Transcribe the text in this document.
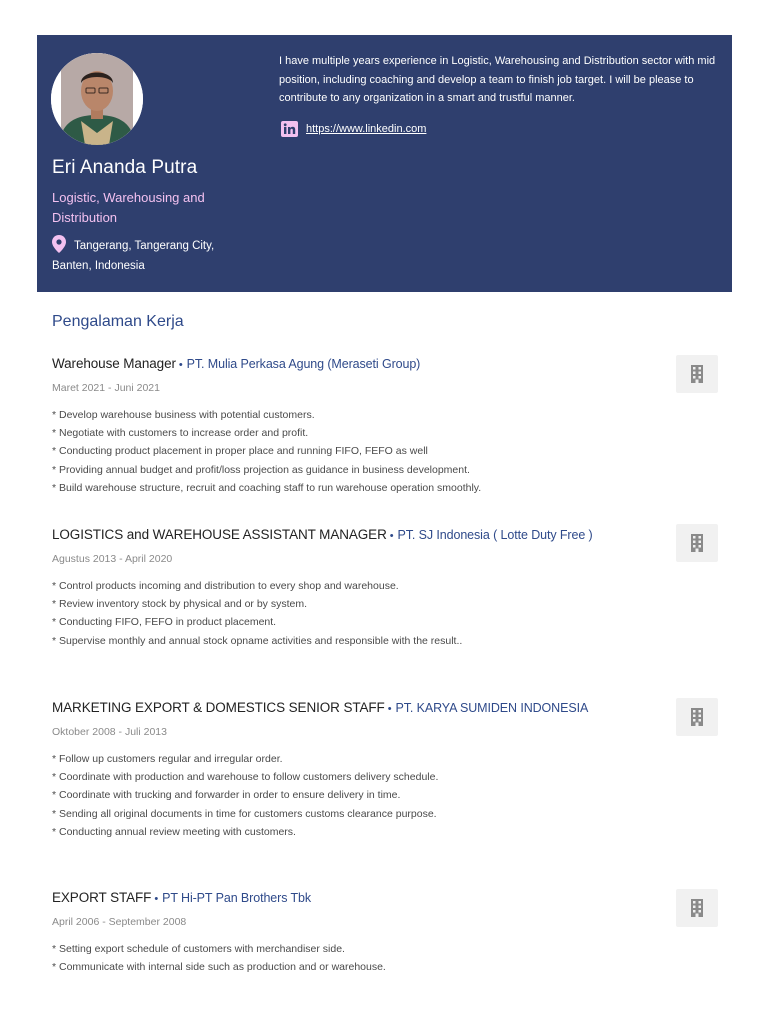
Eri Ananda Putra
Logistic, Warehousing and Distribution
Tangerang, Tangerang City, Banten, Indonesia
I have multiple years experience in Logistic, Warehousing and Distribution sector with mid position, including coaching and develop a team to finish job target. I will be please to contribute to any organization in a smart and trustful manner.
https://www.linkedin.com
Pengalaman Kerja
Warehouse Manager • PT. Mulia Perkasa Agung (Meraseti Group)
Maret 2021 - Juni 2021
* Develop warehouse business with potential customers.
* Negotiate with customers to increase order and profit.
* Conducting product placement in proper place and running FIFO, FEFO as well
* Providing annual budget and profit/loss projection as guidance in business development.
* Build warehouse structure, recruit and coaching staff to run warehouse operation smoothly.
LOGISTICS and WAREHOUSE ASSISTANT MANAGER • PT. SJ Indonesia ( Lotte Duty Free )
Agustus 2013 - April 2020
* Control products incoming and distribution to every shop and warehouse.
* Review inventory stock by physical and or by system.
* Conducting FIFO, FEFO in product placement.
* Supervise monthly and annual stock opname activities and responsible with the result..
MARKETING EXPORT & DOMESTICS SENIOR STAFF • PT. KARYA SUMIDEN INDONESIA
Oktober 2008 - Juli 2013
* Follow up customers regular and irregular order.
* Coordinate with production and warehouse to follow customers delivery schedule.
* Coordinate with trucking and forwarder in order to ensure delivery in time.
* Sending all original documents in time for customers customs clearance purpose.
* Conducting annual review meeting with customers.
EXPORT STAFF • PT Hi-PT Pan Brothers Tbk
April 2006 - September 2008
* Setting export schedule of customers with merchandiser side.
* Communicate with internal side such as production and or warehouse.
